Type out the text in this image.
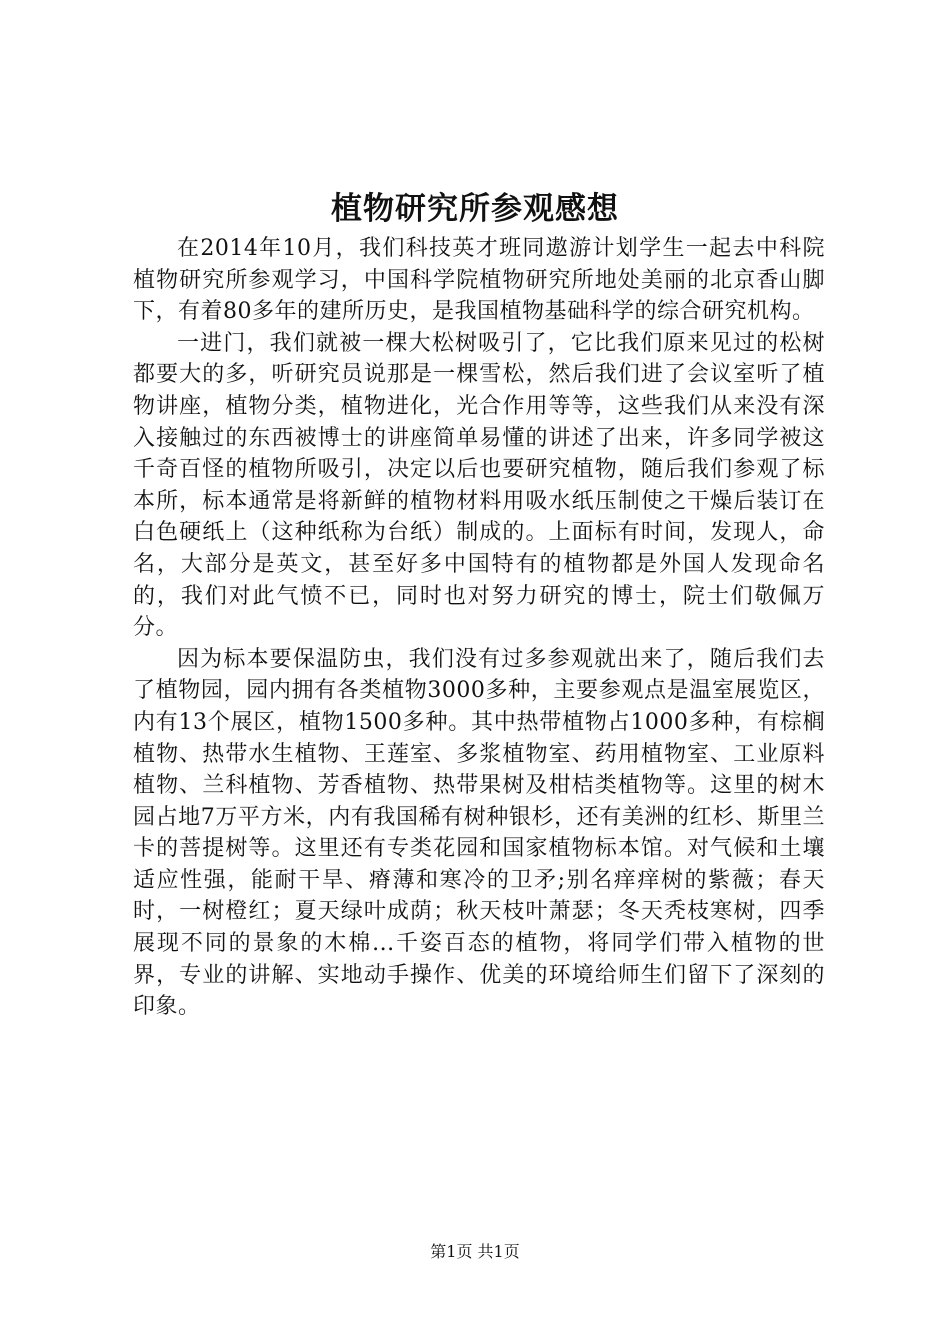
植物研究所参观感想

在2014年10月，我们科技英才班同遨游计划学生一起去中科院植物研究所参观学习，中国科学院植物研究所地处美丽的北京香山脚下，有着80多年的建所历史，是我国植物基础科学的综合研究机构。

一进门，我们就被一棵大松树吸引了，它比我们原来见过的松树都要大的多，听研究员说那是一棵雪松，然后我们进了会议室听了植物讲座，植物分类，植物进化，光合作用等等，这些我们从来没有深入接触过的东西被博士的讲座简单易懂的讲述了出来，许多同学被这千奇百怪的植物所吸引，决定以后也要研究植物，随后我们参观了标本所，标本通常是将新鲜的植物材料用吸水纸压制使之干燥后装订在白色硬纸上（这种纸称为台纸）制成的。上面标有时间，发现人，命名，大部分是英文，甚至好多中国特有的植物都是外国人发现命名的，我们对此气愤不已，同时也对努力研究的博士，院士们敬佩万分。

因为标本要保温防虫，我们没有过多参观就出来了，随后我们去了植物园，园内拥有各类植物3000多种，主要参观点是温室展览区，内有13个展区，植物1500多种。其中热带植物占1000多种，有棕榈植物、热带水生植物、王莲室、多浆植物室、药用植物室、工业原料植物、兰科植物、芳香植物、热带果树及柑桔类植物等。这里的树木园占地7万平方米，内有我国稀有树种银杉，还有美洲的红杉、斯里兰卡的菩提树等。这里还有专类花园和国家植物标本馆。对气候和土壤适应性强，能耐干旱、瘠薄和寒冷的卫矛;别名痒痒树的紫薇；春天时，一树橙红；夏天绿叶成荫；秋天枝叶萧瑟；冬天秃枝寒树，四季展现不同的景象的木棉...千姿百态的植物，将同学们带入植物的世界，专业的讲解、实地动手操作、优美的环境给师生们留下了深刻的印象。

第1页 共1页
